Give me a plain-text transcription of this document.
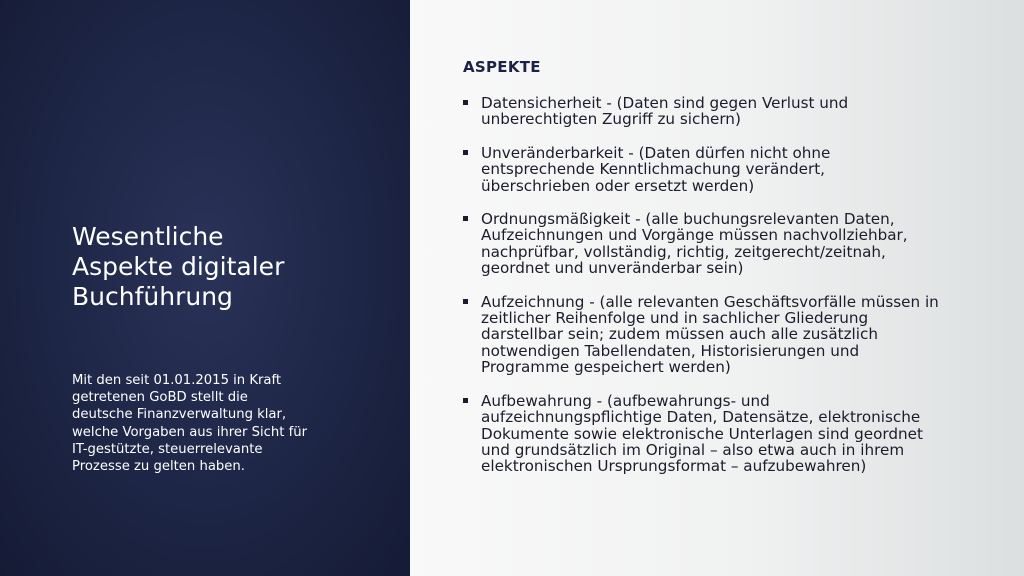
Wesentliche
Aspekte digitaler
Buchführung

Mit den seit 01.01.2015 in Kraft
getretenen GoBD stellt die
deutsche Finanzverwaltung klar,
welche Vorgaben aus ihrer Sicht für
IT-gestützte, steuerrelevante
Prozesse zu gelten haben.

ASPEKTE
Datensicherheit - (Daten sind gegen Verlust und
unberechtigten Zugriff zu sichern)
Unveränderbarkeit - (Daten dürfen nicht ohne
entsprechende Kenntlichmachung verändert,
überschrieben oder ersetzt werden)
Ordnungsmäßigkeit - (alle buchungsrelevanten Daten,
Aufzeichnungen und Vorgänge müssen nachvollziehbar,
nachprüfbar, vollständig, richtig, zeitgerecht/zeitnah,
geordnet und unveränderbar sein)
Aufzeichnung - (alle relevanten Geschäftsvorfälle müssen in
zeitlicher Reihenfolge und in sachlicher Gliederung
darstellbar sein; zudem müssen auch alle zusätzlich
notwendigen Tabellendaten, Historisierungen und
Programme gespeichert werden)
Aufbewahrung - (aufbewahrungs- und
aufzeichnungspflichtige Daten, Datensätze, elektronische
Dokumente sowie elektronische Unterlagen sind geordnet
und grundsätzlich im Original – also etwa auch in ihrem
elektronischen Ursprungsformat – aufzubewahren)
